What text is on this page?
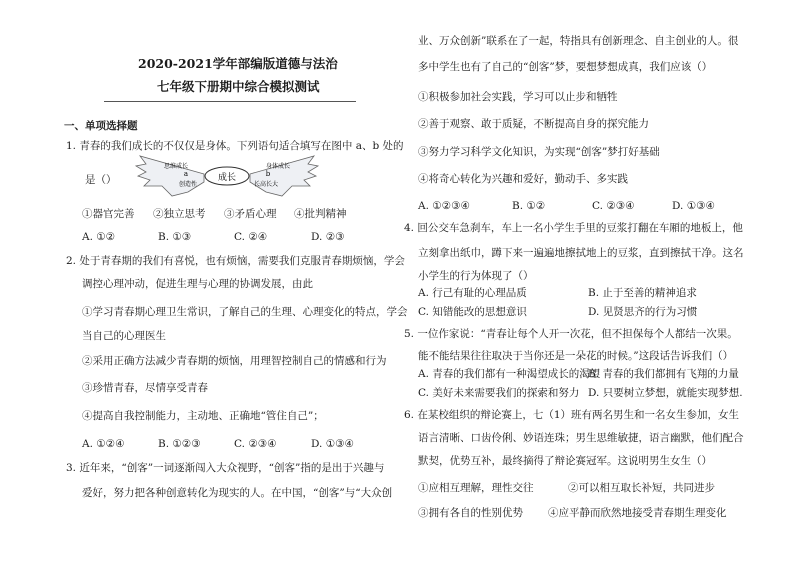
2020-2021学年部编版道德与法治
七年级下册期中综合模拟测试
一、单项选择题
1. 青春的我们成长的不仅仅是身体。下列语句适合填写在图中 a、b 处的
是（）	成长
思维成长
a
创造性
身体成长
b
长高长大
①器官完善 ②独立思考 ③矛盾心理 ④批判精神
A. ①②	B. ①③	C. ②④	D. ②③
2. 处于青春期的我们有喜悦，也有烦恼，需要我们克服青春期烦恼，学会
调控心理冲动，促进生理与心理的协调发展，由此
①学习青春期心理卫生常识，了解自己的生理、心理变化的特点，学会
当自己的心理医生
②采用正确方法减少青春期的烦恼，用理智控制自己的情感和行为
③珍惜青春，尽情享受青春
④提高自我控制能力，主动地、正确地“管住自己”；
A. ①②④	B. ①②③	C. ②③④	D. ①③④
3. 近年来，“创客”一词逐渐闯入大众视野，“创客”指的是出于兴趣与
爱好，努力把各种创意转化为现实的人。在中国，“创客”与“大众创
业、万众创新”联系在了一起，特指具有创新理念、自主创业的人。很
多中学生也有了自己的“创客”梦，要想梦想成真，我们应该（）
①积极参加社会实践，学习可以止步和牺牲
②善于观察、敢于质疑，不断提高自身的探究能力
③努力学习科学文化知识，为实现“创客”梦打好基础
④将奇心转化为兴趣和爱好，勤动手、多实践
A. ①②③④	B. ①②	C. ②③④	D. ①③④
4. 回公交车急刹车，车上一名小学生手里的豆浆打翻在车厢的地板上，他
立刻拿出纸巾，蹲下来一遍遍地擦拭地上的豆浆，直到擦拭干净。这名
小学生的行为体现了（）
A. 行己有耻的心理品质	B. 止于至善的精神追求
C. 知错能改的思想意识	D. 见贤思齐的行为习惯
5. 一位作家说：“青春让每个人开一次花，但不担保每个人都结一次果。
能不能结果往往取决于当你还是一朵花的时候。”这段话告诉我们（）
A. 青春的我们都有一种渴望成长的渴望
B. 青春的我们都拥有飞翔的力量
C. 美好未来需要我们的探索和努力 D. 只要树立梦想，就能实现梦想.
6. 在某校组织的辩论赛上，七（1）班有两名男生和一名女生参加，女生
语言清晰、口齿伶俐、妙语连珠；男生思维敏捷，语言幽默，他们配合
默契，优势互补，最终摘得了辩论赛冠军。这说明男生女生（）
①应相互理解，理性交往	②可以相互取长补短，共同进步
③拥有各自的性别优势 ④应平静而欣然地接受青春期生理变化
